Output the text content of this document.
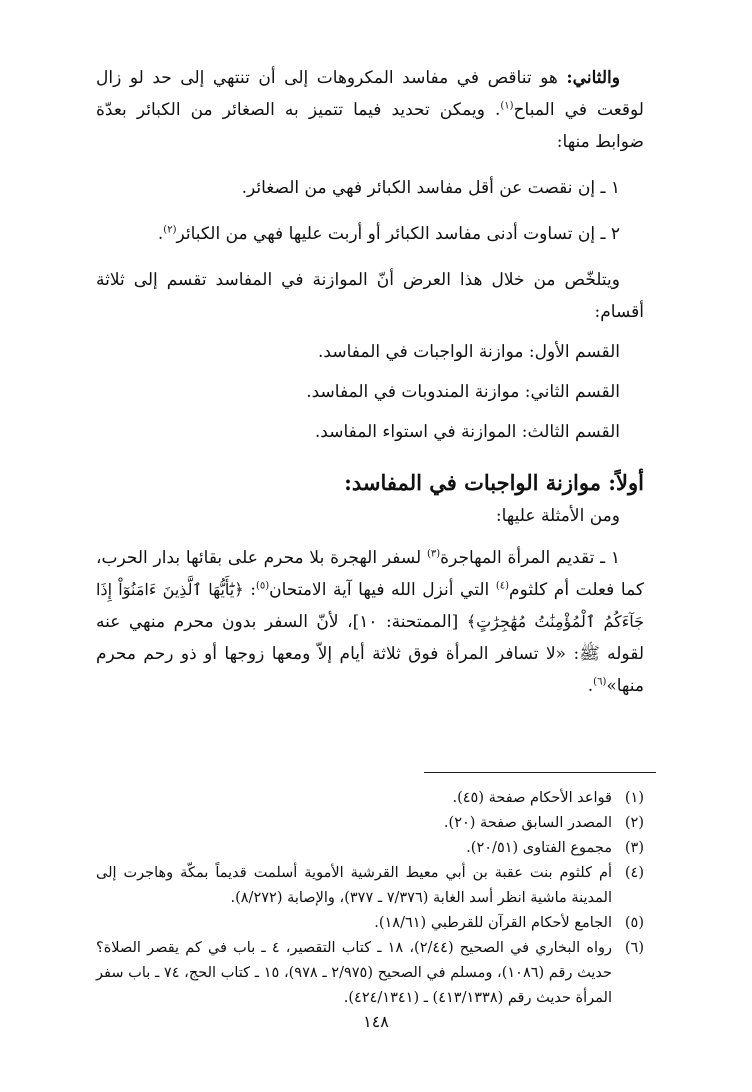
والثاني: هو تناقص في مفاسد المكروهات إلى أن تنتهي إلى حد لو زال لوقعت في المباح$^{(١)}$. ويمكن تحديد فيما تتميز به الصغائر من الكبائر بعدّة ضوابط منها:

١ ـ إن نقصت عن أقل مفاسد الكبائر فهي من الصغائر.

٢ ـ إن تساوت أدنى مفاسد الكبائر أو أربت عليها فهي من الكبائر$^{(٢)}$.

ويتلخّص من خلال هذا العرض أنّ الموازنة في المفاسد تقسم إلى ثلاثة أقسام:

القسم الأول: موازنة الواجبات في المفاسد.

القسم الثاني: موازنة المندوبات في المفاسد.

القسم الثالث: الموازنة في استواء المفاسد.

أولاً: موازنة الواجبات في المفاسد:

ومن الأمثلة عليها:

١ ـ تقديم المرأة المهاجرة$^{(٣)}$ لسفر الهجرة بلا محرم على بقائها بدار الحرب، كما فعلت أم كلثوم$^{(٤)}$ التي أنزل الله فيها آية الامتحان$^{(٥)}$: ﴿يَٰٓأَيُّهَا ٱلَّذِينَ ءَامَنُوٓاْ إِذَا جَآءَكُمُ ٱلْمُؤْمِنَٰتُ مُهَٰجِرَٰتٍ﴾ [الممتحنة: ١٠]، لأنّ السفر بدون محرم منهي عنه لقوله ﷺ: «لا تسافر المرأة فوق ثلاثة أيام إلاّ ومعها زوجها أو ذو رحم محرم منها»$^{(٦)}$.

(١)
قواعد الأحكام صفحة (٤٥).

(٢)
المصدر السابق صفحة (٢٠).

(٣)
مجموع الفتاوى (٢٠/٥١).

(٤)
أم كلثوم بنت عقبة بن أبي معيط القرشية الأموية أسلمت قديماً بمكّة وهاجرت إلى المدينة ماشية انظر أسد الغابة (٧/٣٧٦ ـ ٣٧٧)، والإصابة (٨/٢٧٢).

(٥)
الجامع لأحكام القرآن للقرطبي (١٨/٦١).

(٦)
رواه البخاري في الصحيح (٢/٤٤)، ١٨ ـ كتاب التقصير، ٤ ـ باب في كم يقصر الصلاة؟ حديث رقم (١٠٨٦)، ومسلم في الصحيح (٢/٩٧٥ ـ ٩٧٨)، ١٥ ـ كتاب الحج، ٧٤ ـ باب سفر المرأة حديث رقم (٤١٣/١٣٣٨) ـ (٤٢٤/١٣٤١).

١٤٨
